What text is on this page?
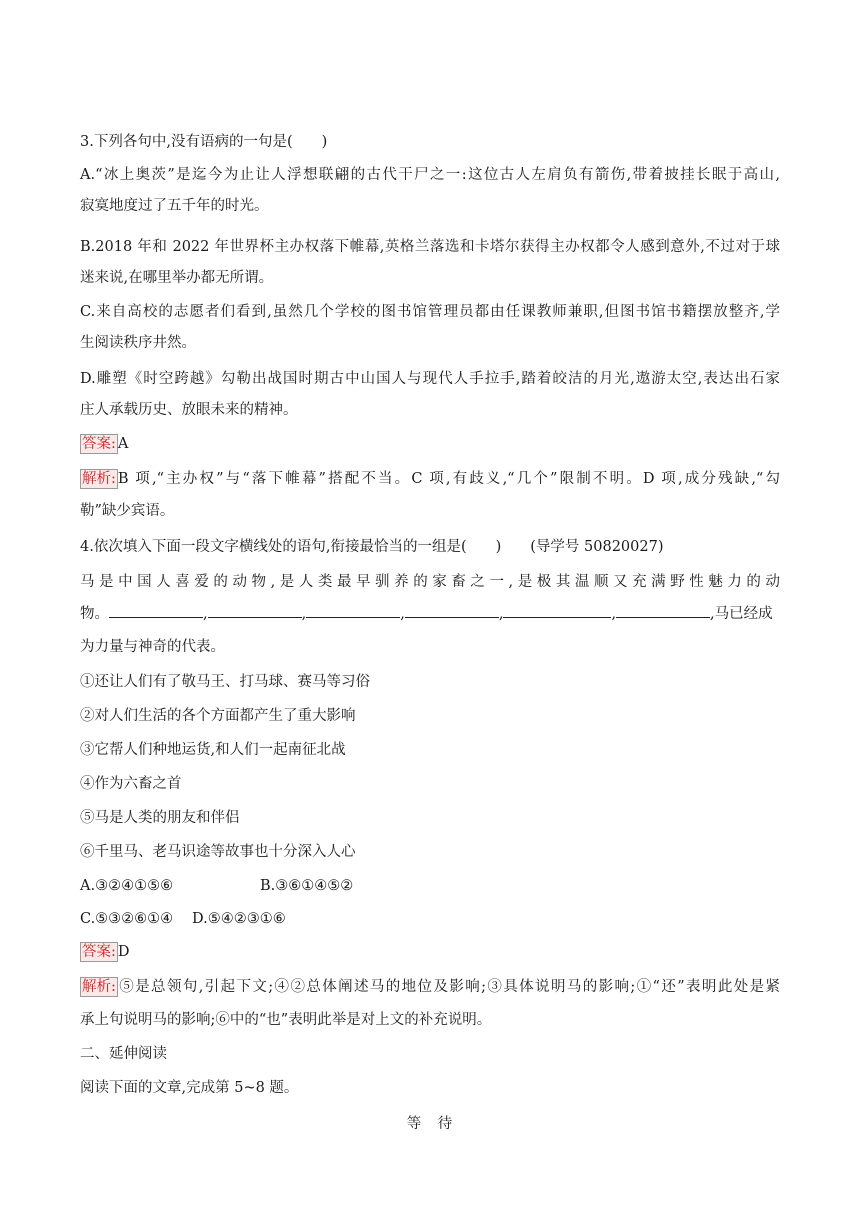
3.下列各句中,没有语病的一句是(　　)
A.“冰上奥茨”是迄今为止让人浮想联翩的古代干尸之一:这位古人左肩负有箭伤,带着披挂长眠于高山,
寂寞地度过了五千年的时光。
B.2018 年和 2022 年世界杯主办权落下帷幕,英格兰落选和卡塔尔获得主办权都令人感到意外,不过对于球
迷来说,在哪里举办都无所谓。
C.来自高校的志愿者们看到,虽然几个学校的图书馆管理员都由任课教师兼职,但图书馆书籍摆放整齐,学
生阅读秩序井然。
D.雕塑《时空跨越》勾勒出战国时期古中山国人与现代人手拉手,踏着皎洁的月光,遨游太空,表达出石家
庄人承载历史、放眼未来的精神。
答案: A
解析: B 项,“主办权”与“落下帷幕”搭配不当。C 项,有歧义,“几个”限制不明。D 项,成分残缺,“勾
勒”缺少宾语。
4.依次填入下面一段文字横线处的语句,衔接最恰当的一组是(　　)　　(导学号 50820027)
马是中国人喜爱的动物,是人类最早驯养的家畜之一,是极其温顺又充满野性魅力的动
物。	,	,	,	,	,	,马已经成
为力量与神奇的代表。
①还让人们有了敬马王、打马球、赛马等习俗
②对人们生活的各个方面都产生了重大影响
③它帮人们种地运货,和人们一起南征北战
④作为六畜之首
⑤马是人类的朋友和伴侣
⑥千里马、老马识途等故事也十分深入人心
A.③②④①⑤⑥	B.③⑥①④⑤②
C.⑤③②⑥①④ D.⑤④②③①⑥
答案: D
解析: ⑤是总领句,引起下文;④②总体阐述马的地位及影响;③具体说明马的影响;①“还”表明此处是紧
承上句说明马的影响;⑥中的“也”表明此举是对上文的补充说明。
二、延伸阅读
阅读下面的文章,完成第 5~8 题。
等　待
